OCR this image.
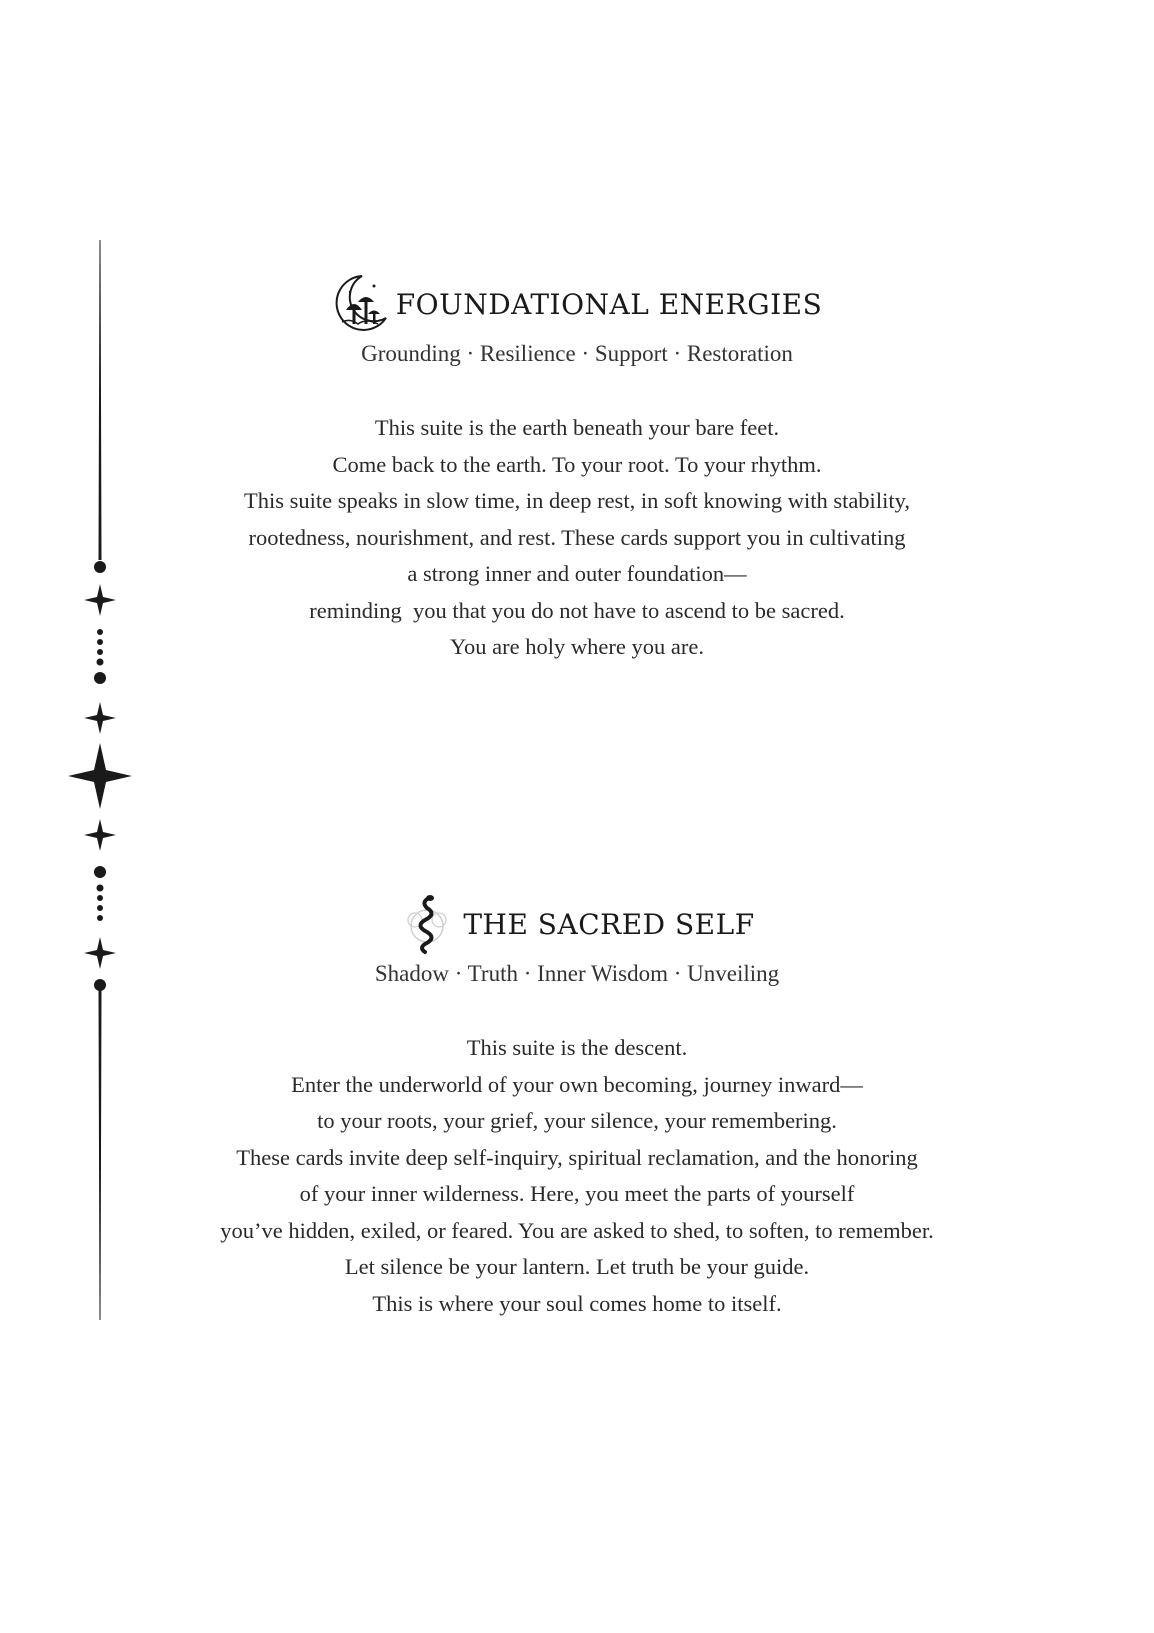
FOUNDATIONAL ENERGIES
Grounding · Resilience · Support · Restoration
This suite is the earth beneath your bare feet.
Come back to the earth. To your root. To your rhythm.
This suite speaks in slow time, in deep rest, in soft knowing with stability,
rootedness, nourishment, and rest. These cards support you in cultivating
a strong inner and outer foundation—
reminding  you that you do not have to ascend to be sacred.
You are holy where you are.
THE SACRED SELF
Shadow · Truth · Inner Wisdom · Unveiling
This suite is the descent.
Enter the underworld of your own becoming, journey inward—
to your roots, your grief, your silence, your remembering.
These cards invite deep self-inquiry, spiritual reclamation, and the honoring
of your inner wilderness. Here, you meet the parts of yourself
you’ve hidden, exiled, or feared. You are asked to shed, to soften, to remember.
Let silence be your lantern. Let truth be your guide.
This is where your soul comes home to itself.
